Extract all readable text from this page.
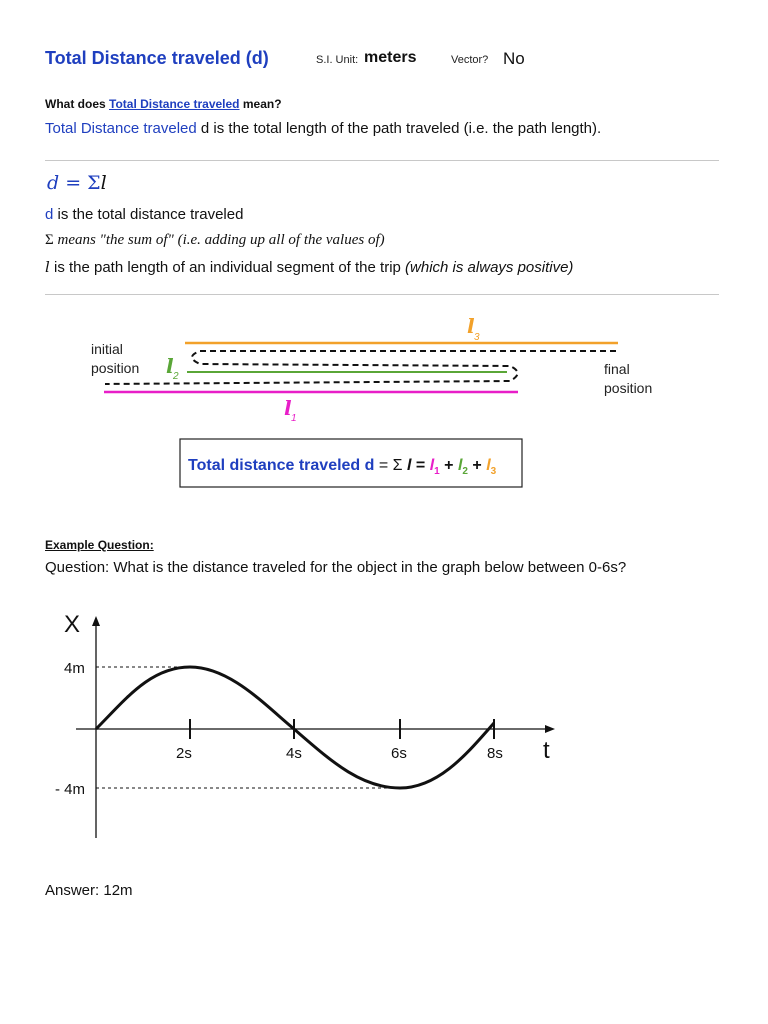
Total Distance traveled (d)	S.I. Unit: meters	Vector? No
What does Total Distance traveled mean?
Total Distance traveled d is the total length of the path traveled (i.e. the path length).
d = Σl
d is the total distance traveled
Σ means "the sum of" (i.e. adding up all of the values of)
l is the path length of an individual segment of the trip (which is always positive)
initial
position	final
position
l 3
l 2
l 1
Total distance traveled d = Σ $l = l_1 + l_2 + l_3$
Example Question:
Question: What is the distance traveled for the object in the graph below between 0-6s?
X
t
4m
- 4m
2s	4s	6s	8s
Answer: 12m
